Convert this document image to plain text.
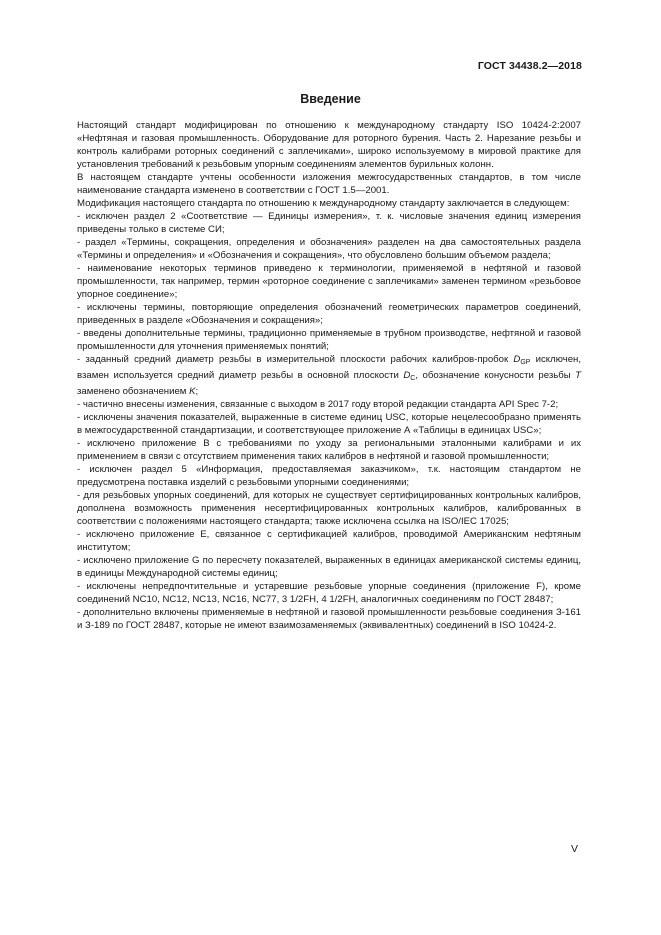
ГОСТ 34438.2—2018
Введение

Настоящий стандарт модифицирован по отношению к международному стандарту ISO 10424-2:2007 «Нефтяная и газовая промышленность. Оборудование для роторного бурения. Часть 2. Нарезание резьбы и контроль калибрами роторных соединений с заплечиками», широко используемому в мировой практике для установления требований к резьбовым упорным соединениям элементов бурильных колонн.

В настоящем стандарте учтены особенности изложения межгосударственных стандартов, в том числе наименование стандарта изменено в соответствии с ГОСТ 1.5—2001.

Модификация настоящего стандарта по отношению к международному стандарту заключается в следующем:

- исключен раздел 2 «Соответствие — Единицы измерения», т. к. числовые значения единиц измерения приведены только в системе СИ;

- раздел «Термины, сокращения, определения и обозначения» разделен на два самостоятельных раздела «Термины и определения» и «Обозначения и сокращения», что обусловлено большим объемом раздела;

- наименование некоторых терминов приведено к терминологии, применяемой в нефтяной и газовой промышленности, так например, термин «роторное соединение с заплечиками» заменен термином «резьбовое упорное соединение»;

- исключены термины, повторяющие определения обозначений геометрических параметров соединений, приведенных в разделе «Обозначения и сокращения»;

- введены дополнительные термины, традиционно применяемые в трубном производстве, нефтяной и газовой промышленности для уточнения применяемых понятий;

- заданный средний диаметр резьбы в измерительной плоскости рабочих калибров-пробок $D_{GP}$ исключен, взамен используется средний диаметр резьбы в основной плоскости $D_C$, обозначение конусности резьбы T заменено обозначением K;

- частично внесены изменения, связанные с выходом в 2017 году второй редакции стандарта API Spec 7-2;

- исключены значения показателей, выраженные в системе единиц USC, которые нецелесообразно применять в межгосударственной стандартизации, и соответствующее приложение А «Таблицы в единицах USC»;

- исключено приложение В с требованиями по уходу за региональными эталонными калибрами и их применением в связи с отсутствием применения таких калибров в нефтяной и газовой промышленности;

- исключен раздел 5 «Информация, предоставляемая заказчиком», т.к. настоящим стандартом не предусмотрена поставка изделий с резьбовыми упорными соединениями;

- для резьбовых упорных соединений, для которых не существует сертифицированных контрольных калибров, дополнена возможность применения несертифицированных контрольных калибров, калиброванных в соответствии с положениями настоящего стандарта; также исключена ссылка на ISO/IEC 17025;

- исключено приложение Е, связанное с сертификацией калибров, проводимой Американским нефтяным институтом;

- исключено приложение G по пересчету показателей, выраженных в единицах американской системы единиц, в единицы Международной системы единиц;

- исключены непредпочтительные и устаревшие резьбовые упорные соединения (приложение F), кроме соединений NC10, NC12, NC13, NC16, NC77, 3 1/2FH, 4 1/2FH, аналогичных соединениям по ГОСТ 28487;

- дополнительно включены применяемые в нефтяной и газовой промышленности резьбовые соединения З-161 и З-189 по ГОСТ 28487, которые не имеют взаимозаменяемых (эквивалентных) соединений в ISO 10424-2.

V
